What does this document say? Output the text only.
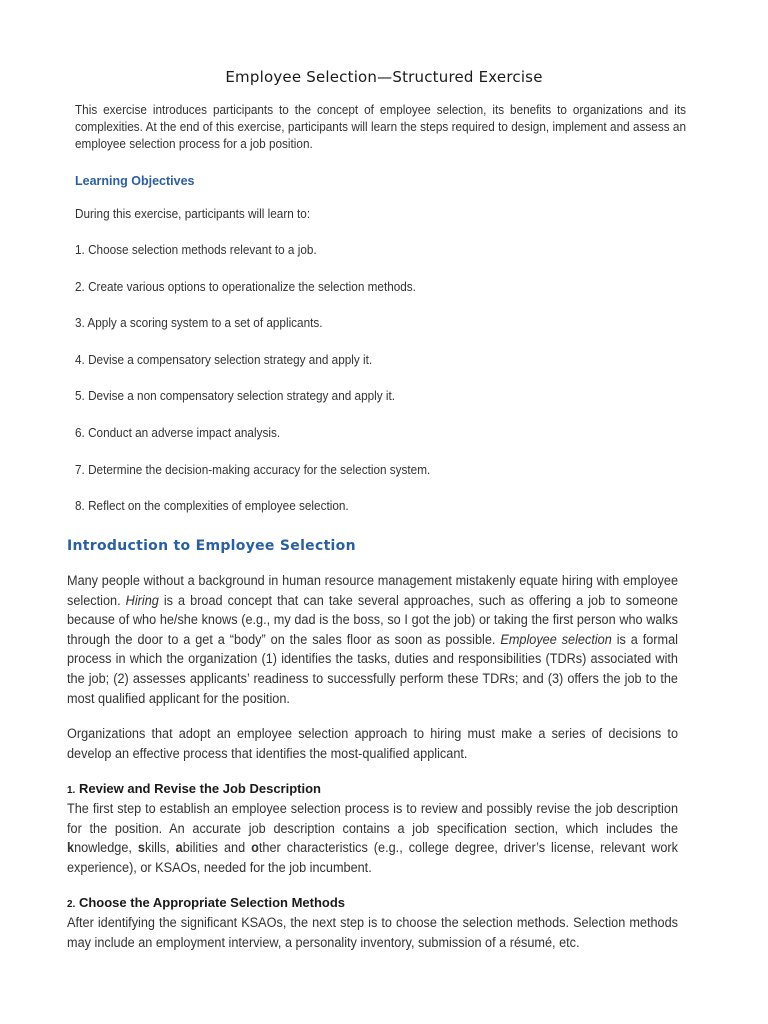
Employee Selection—Structured Exercise
This exercise introduces participants to the concept of employee selection, its benefits to organizations and its complexities. At the end of this exercise, participants will learn the steps required to design, implement and assess an employee selection process for a job position.
Learning Objectives
During this exercise, participants will learn to:
1. Choose selection methods relevant to a job.
2. Create various options to operationalize the selection methods.
3. Apply a scoring system to a set of applicants.
4. Devise a compensatory selection strategy and apply it.
5. Devise a non compensatory selection strategy and apply it.
6. Conduct an adverse impact analysis.
7. Determine the decision-making accuracy for the selection system.
8. Reflect on the complexities of employee selection.
Introduction to Employee Selection
Many people without a background in human resource management mistakenly equate hiring with employee selection. Hiring is a broad concept that can take several approaches, such as offering a job to someone because of who he/she knows (e.g., my dad is the boss, so I got the job) or taking the first person who walks through the door to a get a “body” on the sales floor as soon as possible. Employee selection is a formal process in which the organization (1) identifies the tasks, duties and responsibilities (TDRs) associated with the job; (2) assesses applicants’ readiness to successfully perform these TDRs; and (3) offers the job to the most qualified applicant for the position.
Organizations that adopt an employee selection approach to hiring must make a series of decisions to develop an effective process that identifies the most-qualified applicant.
1. Review and Revise the Job Description
The first step to establish an employee selection process is to review and possibly revise the job description for the position. An accurate job description contains a job specification section, which includes the knowledge, skills, abilities and other characteristics (e.g., college degree, driver’s license, relevant work experience), or KSAOs, needed for the job incumbent.
2. Choose the Appropriate Selection Methods
After identifying the significant KSAOs, the next step is to choose the selection methods. Selection methods may include an employment interview, a personality inventory, submission of a résumé, etc.
